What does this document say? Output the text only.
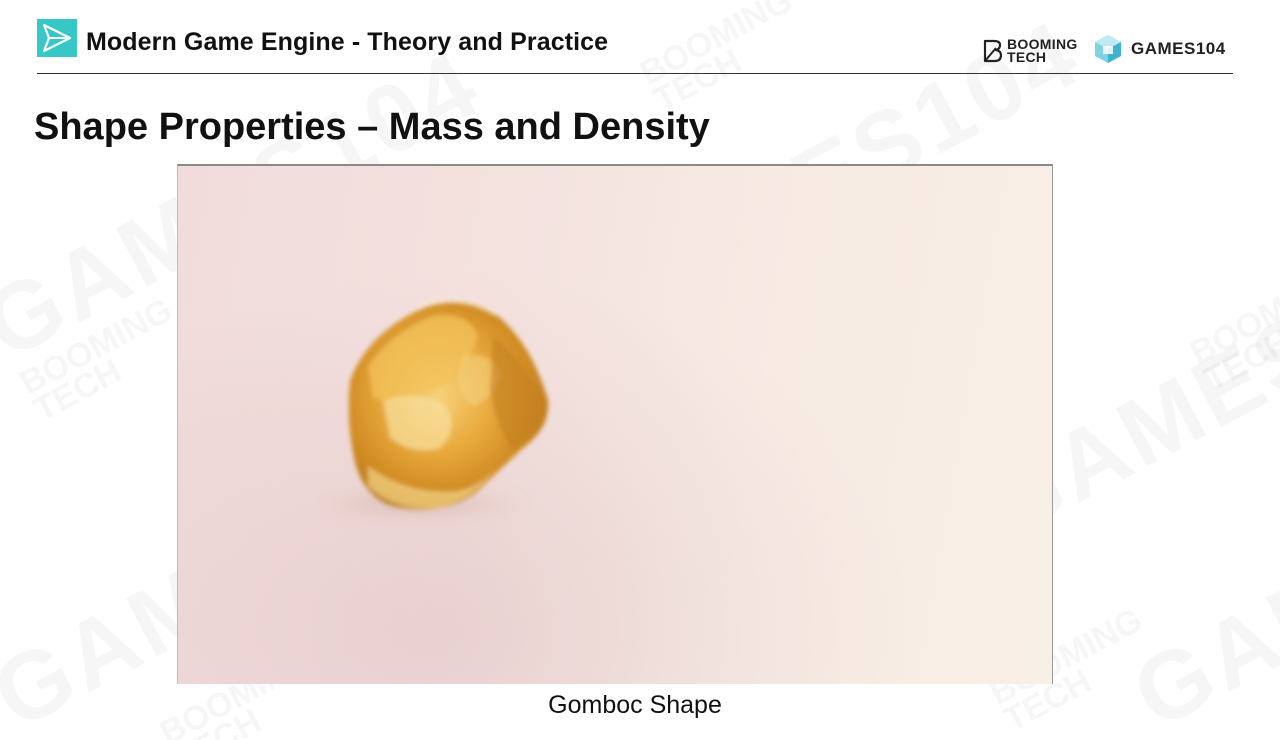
Modern Game Engine - Theory and Practice	BOOMING
TECH	GAMES104
Shape Properties – Mass and Density
Gomboc Shape
